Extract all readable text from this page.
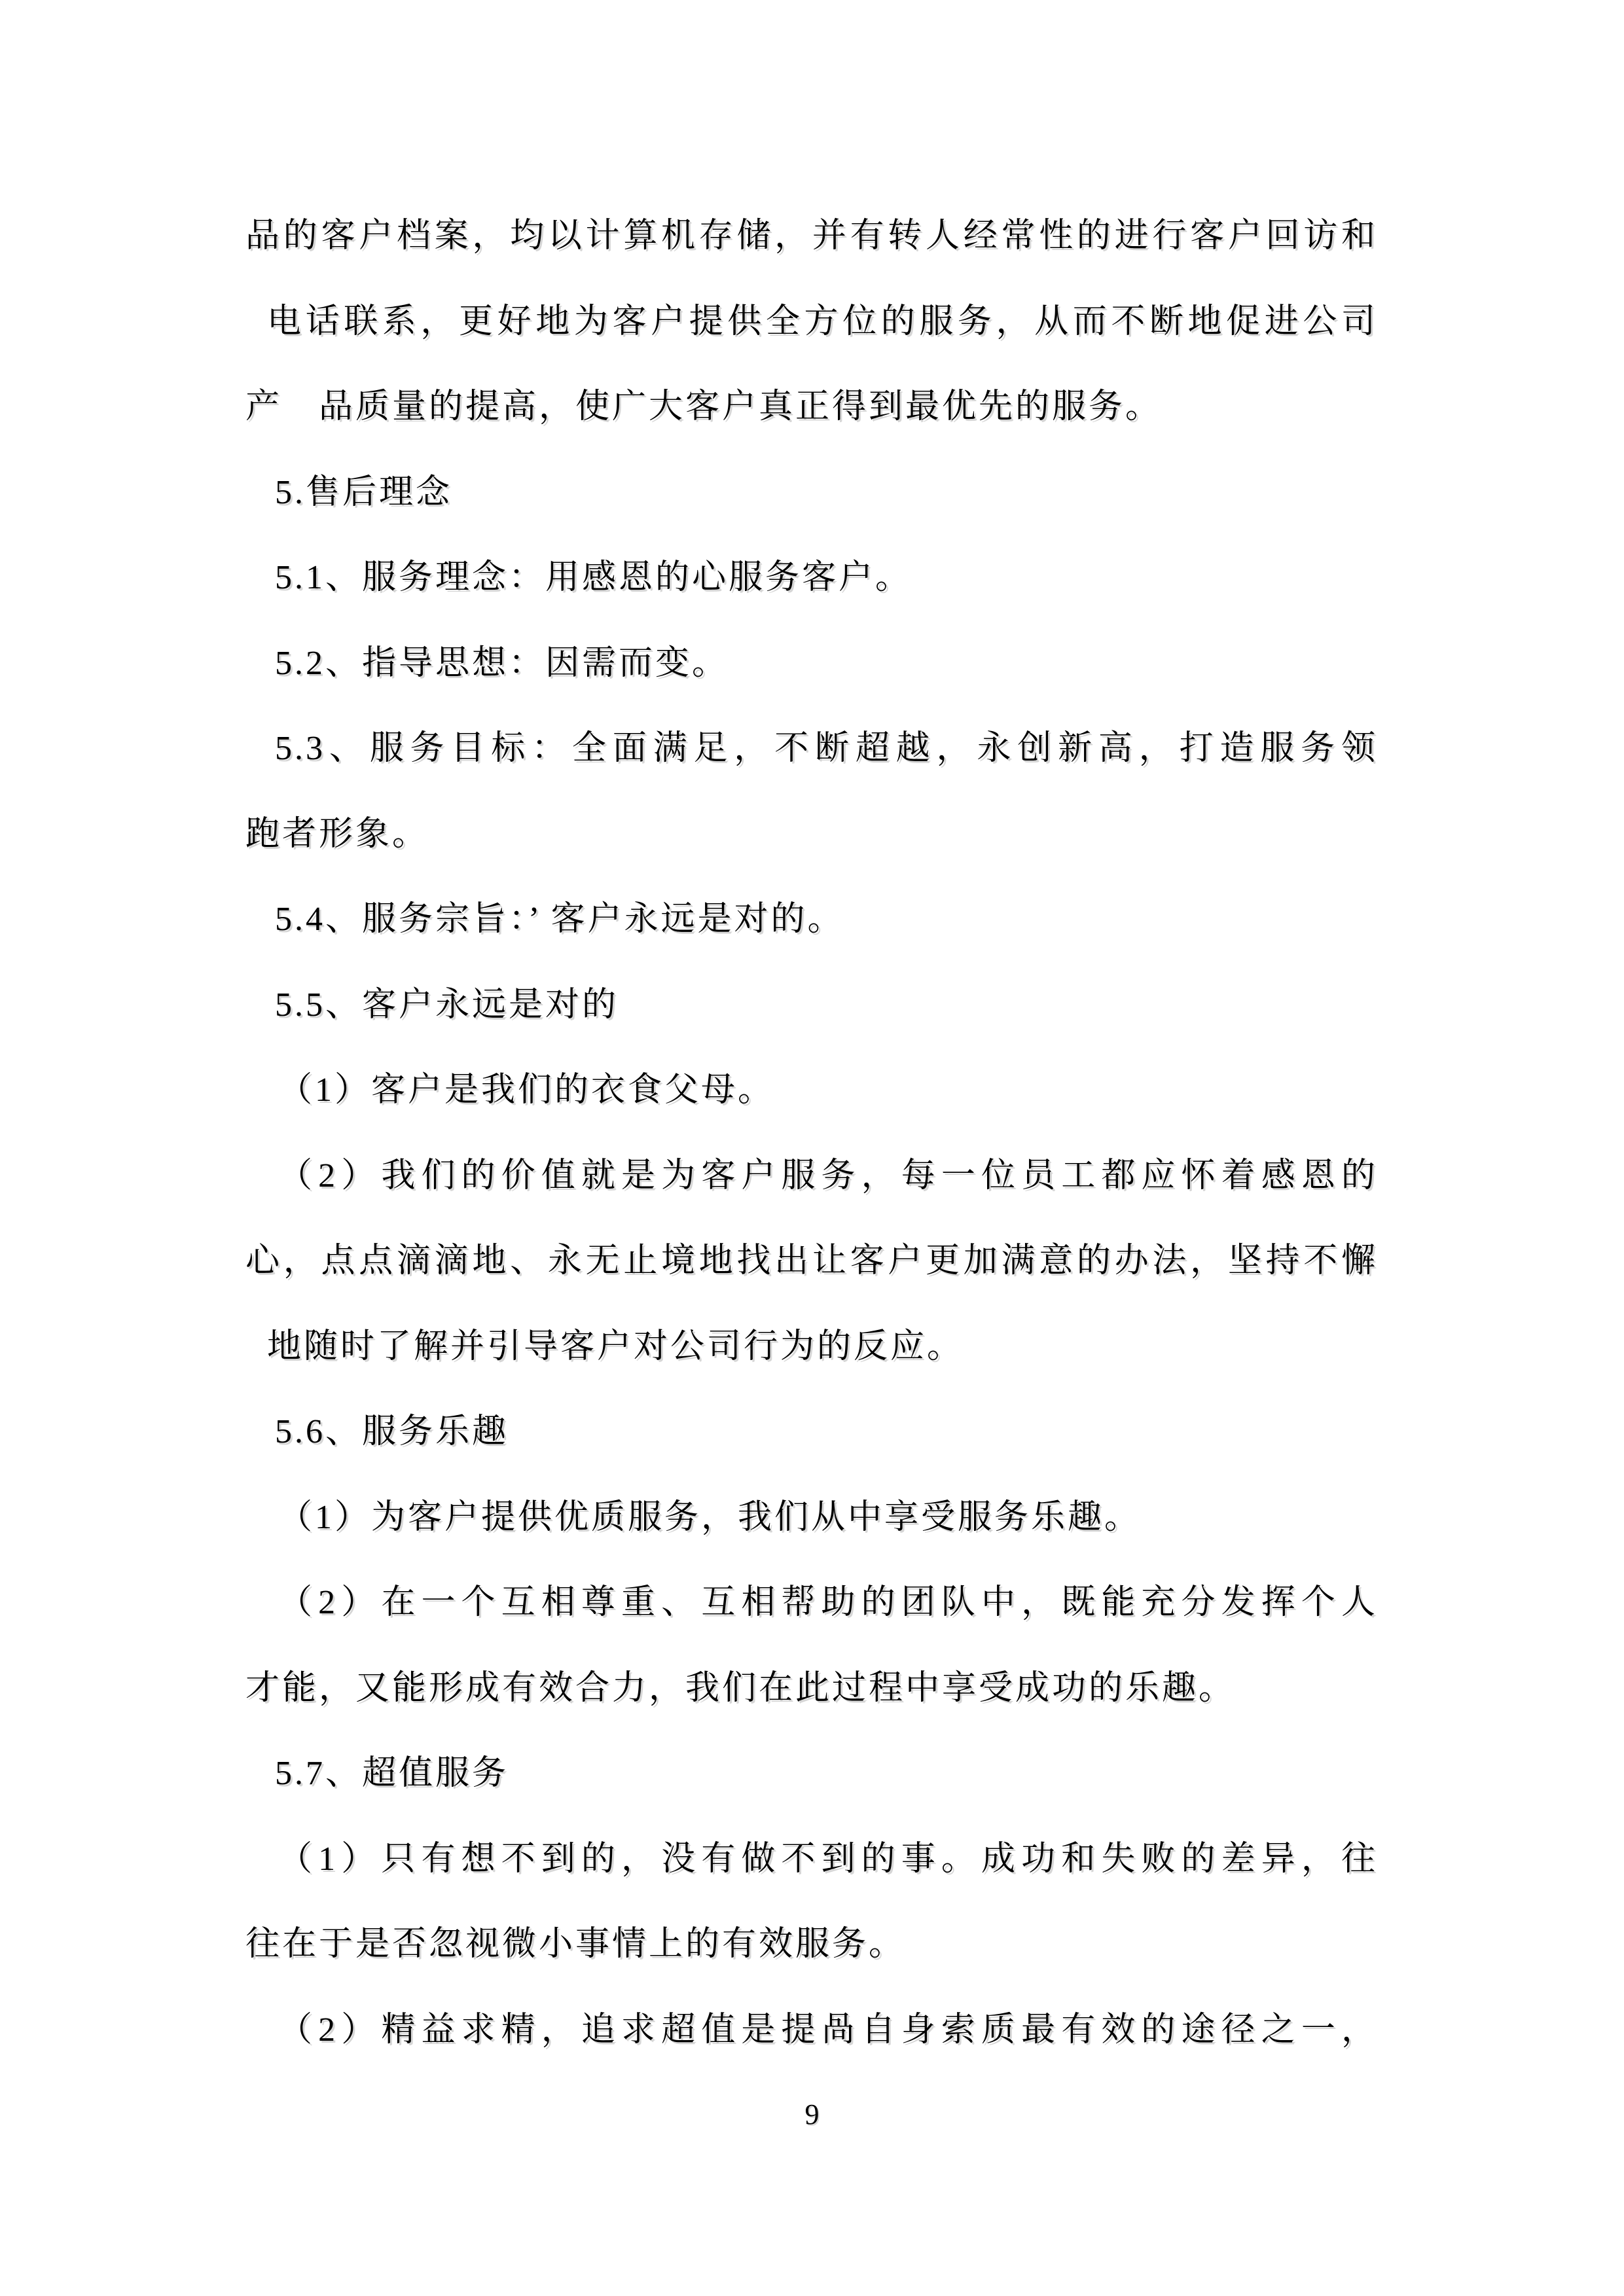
品的客户档案，均以计算机存储，并有转人经常性的进行客户回访和
电话联系，更好地为客户提供全方位的服务，从而不断地促进公司
产　品质量的提高，使广大客户真正得到最优先的服务。
5.售后理念
5.1、服务理念：用感恩的心服务客户。
5.2、指导思想：因需而变。
5.3、服务目标：全面满足，不断超越，永创新高，打造服务领
跑者形象。
5.4、服务宗旨：’ 客户永远是对的。
5.5、客户永远是对的
（1）客户是我们的衣食父母。
（2）我们的价值就是为客户服务，每一位员工都应怀着感恩的
心，点点滴滴地、永无止境地找出让客户更加满意的办法，坚持不懈
地随时了解并引导客户对公司行为的反应。
5.6、服务乐趣
（1）为客户提供优质服务，我们从中享受服务乐趣。
（2）在一个互相尊重、互相帮助的团队中，既能充分发挥个人
才能，又能形成有效合力，我们在此过程中享受成功的乐趣。
5.7、超值服务
（1）只有想不到的，没有做不到的事。成功和失败的差异，往
往在于是否忽视微小事情上的有效服务。
（2）精益求精，追求超值是提咼自身索质最有效的途径之一，
9
